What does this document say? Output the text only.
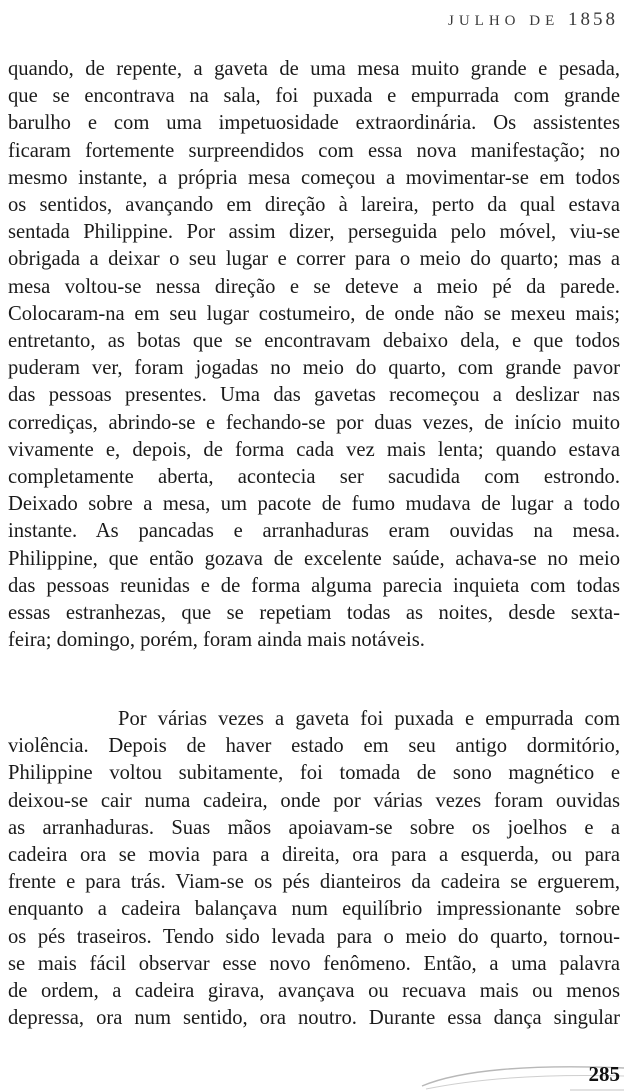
JULHO DE 1858
quando, de repente, a gaveta de uma mesa muito grande e pesada,
que se encontrava na sala, foi puxada e empurrada com grande
barulho e com uma impetuosidade extraordinária. Os assistentes
ficaram fortemente surpreendidos com essa nova manifestação; no
mesmo instante, a própria mesa começou a movimentar-se em todos
os sentidos, avançando em direção à lareira, perto da qual estava
sentada Philippine. Por assim dizer, perseguida pelo móvel, viu-se
obrigada a deixar o seu lugar e correr para o meio do quarto; mas a
mesa voltou-se nessa direção e se deteve a meio pé da parede.
Colocaram-na em seu lugar costumeiro, de onde não se mexeu mais;
entretanto, as botas que se encontravam debaixo dela, e que todos
puderam ver, foram jogadas no meio do quarto, com grande pavor
das pessoas presentes. Uma das gavetas recomeçou a deslizar nas
corrediças, abrindo-se e fechando-se por duas vezes, de início muito
vivamente e, depois, de forma cada vez mais lenta; quando estava
completamente aberta, acontecia ser sacudida com estrondo.
Deixado sobre a mesa, um pacote de fumo mudava de lugar a todo
instante. As pancadas e arranhaduras eram ouvidas na mesa.
Philippine, que então gozava de excelente saúde, achava-se no meio
das pessoas reunidas e de forma alguma parecia inquieta com todas
essas estranhezas, que se repetiam todas as noites, desde sexta-
feira; domingo, porém, foram ainda mais notáveis.
Por várias vezes a gaveta foi puxada e empurrada com
violência. Depois de haver estado em seu antigo dormitório,
Philippine voltou subitamente, foi tomada de sono magnético e
deixou-se cair numa cadeira, onde por várias vezes foram ouvidas
as arranhaduras. Suas mãos apoiavam-se sobre os joelhos e a
cadeira ora se movia para a direita, ora para a esquerda, ou para
frente e para trás. Viam-se os pés dianteiros da cadeira se erguerem,
enquanto a cadeira balançava num equilíbrio impressionante sobre
os pés traseiros. Tendo sido levada para o meio do quarto, tornou-
se mais fácil observar esse novo fenômeno. Então, a uma palavra
de ordem, a cadeira girava, avançava ou recuava mais ou menos
depressa, ora num sentido, ora noutro. Durante essa dança singular
285
